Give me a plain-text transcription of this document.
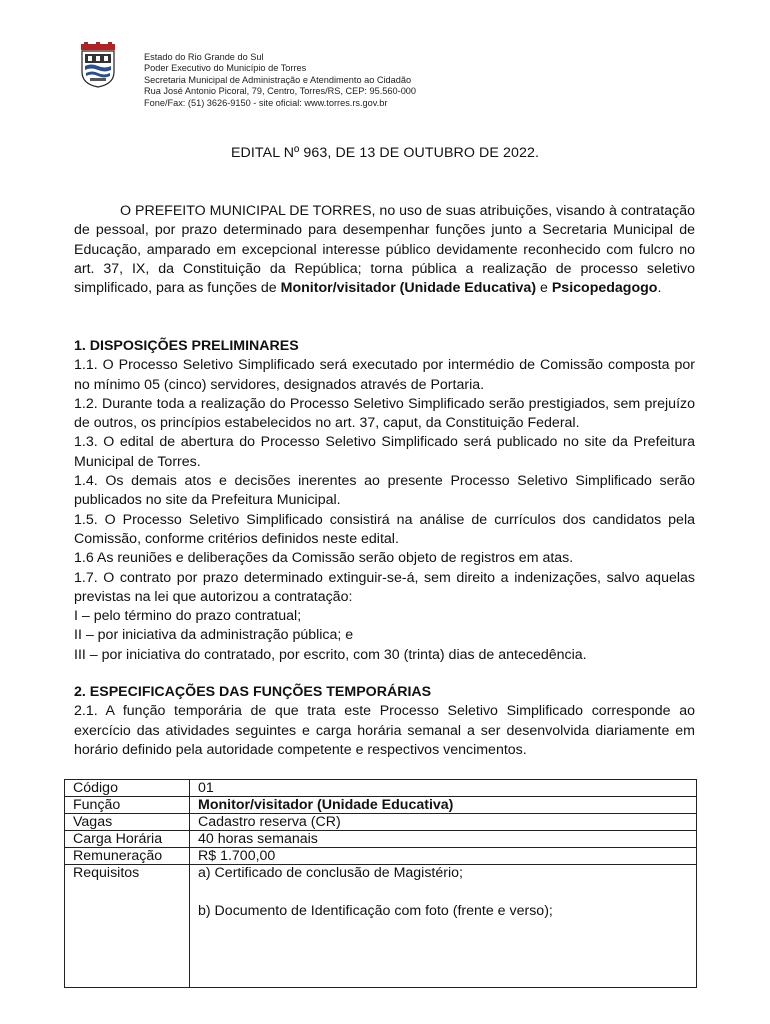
Estado do Rio Grande do Sul
Poder Executivo do Município de Torres
Secretaria Municipal de Administração e Atendimento ao Cidadão
Rua José Antonio Picoral, 79, Centro, Torres/RS, CEP: 95.560-000
Fone/Fax: (51) 3626-9150 - site oficial: www.torres.rs.gov.br
EDITAL Nº 963, DE 13 DE OUTUBRO DE 2022.
O PREFEITO MUNICIPAL DE TORRES, no uso de suas atribuições, visando à contratação de pessoal, por prazo determinado para desempenhar funções junto a Secretaria Municipal de Educação, amparado em excepcional interesse público devidamente reconhecido com fulcro no art. 37, IX, da Constituição da República; torna pública a realização de processo seletivo simplificado, para as funções de Monitor/visitador (Unidade Educativa) e Psicopedagogo.

1. DISPOSIÇÕES PRELIMINARES

1.1. O Processo Seletivo Simplificado será executado por intermédio de Comissão composta por no mínimo 05 (cinco) servidores, designados através de Portaria.

1.2. Durante toda a realização do Processo Seletivo Simplificado serão prestigiados, sem prejuízo de outros, os princípios estabelecidos no art. 37, caput, da Constituição Federal.

1.3. O edital de abertura do Processo Seletivo Simplificado será publicado no site da Prefeitura Municipal de Torres.

1.4. Os demais atos e decisões inerentes ao presente Processo Seletivo Simplificado serão publicados no site da Prefeitura Municipal.

1.5. O Processo Seletivo Simplificado consistirá na análise de currículos dos candidatos pela Comissão, conforme critérios definidos neste edital.

1.6 As reuniões e deliberações da Comissão serão objeto de registros em atas.

1.7. O contrato por prazo determinado extinguir-se-á, sem direito a indenizações, salvo aquelas previstas na lei que autorizou a contratação:

I – pelo término do prazo contratual;

II – por iniciativa da administração pública; e

III – por iniciativa do contratado, por escrito, com 30 (trinta) dias de antecedência.

2. ESPECIFICAÇÕES DAS FUNÇÕES TEMPORÁRIAS

2.1. A função temporária de que trata este Processo Seletivo Simplificado corresponde ao exercício das atividades seguintes e carga horária semanal a ser desenvolvida diariamente em horário definido pela autoridade competente e respectivos vencimentos.

Código	01
Função	Monitor/visitador (Unidade Educativa)
Vagas	Cadastro reserva (CR)
Carga Horária	40 horas semanais
Remuneração	R$ 1.700,00
Requisitos	a) Certificado de conclusão de Magistério;
b) Documento de Identificação com foto (frente e verso);
